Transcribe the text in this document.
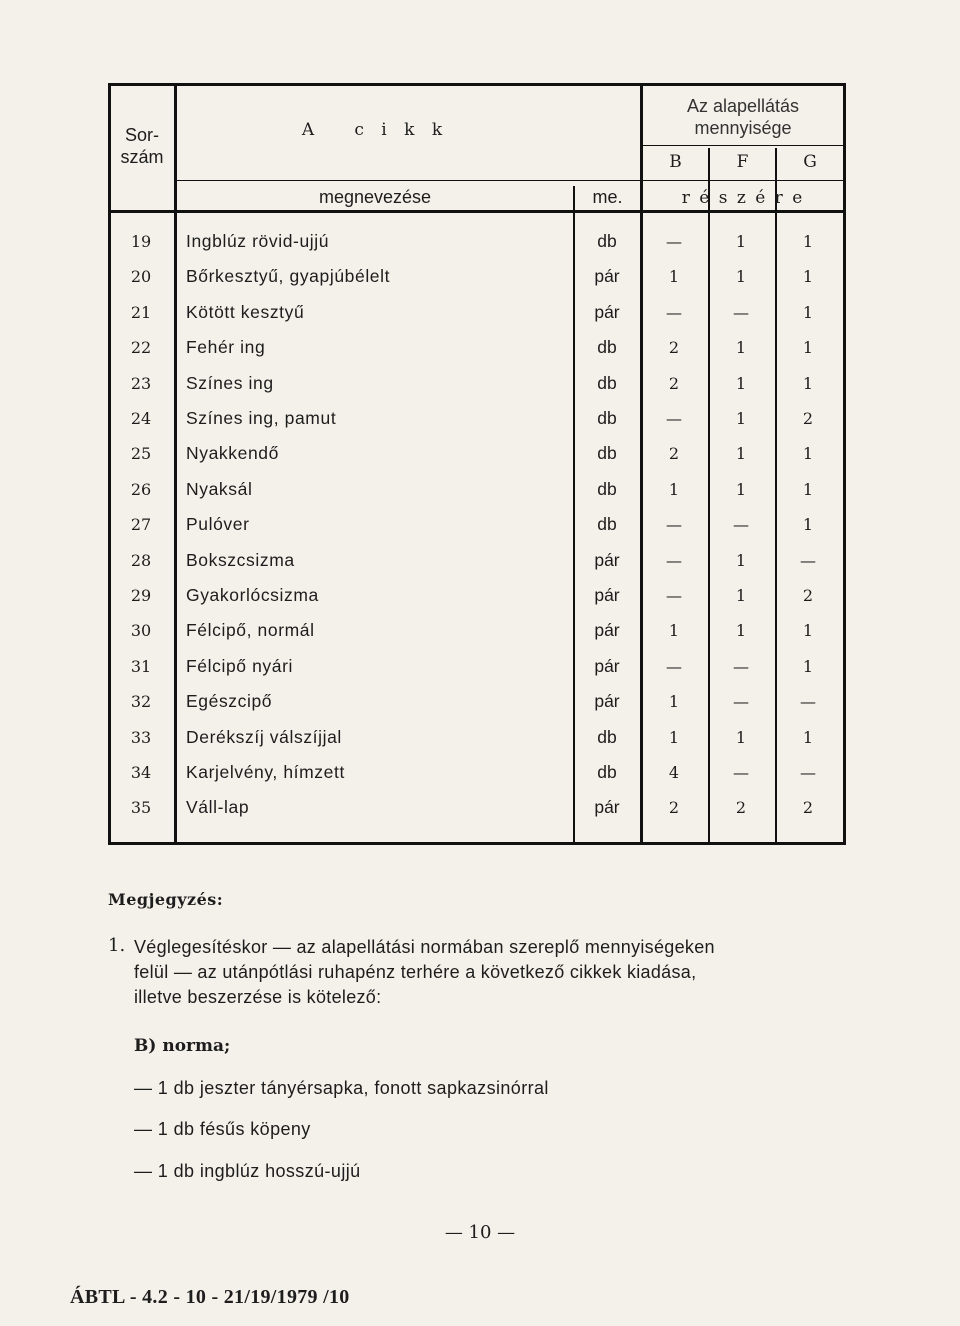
Sor-
szám
A   c i k k
Az alapellátás
mennyisége
B	F	G
megnevezése	me.	r é s z é r e
19	Ingblúz rövid-ujjú	db	—	1	1
20	Bőrkesztyű, gyapjúbélelt	pár	1	1	1
21	Kötött kesztyű	pár	—	—	1
22	Fehér ing	db	2	1	1
23	Színes ing	db	2	1	1
24	Színes ing, pamut	db	—	1	2
25	Nyakkendő	db	2	1	1
26	Nyaksál	db	1	1	1
27	Pulóver	db	—	—	1
28	Bokszcsizma	pár	—	1	—
29	Gyakorlócsizma	pár	—	1	2
30	Félcipő, normál	pár	1	1	1
31	Félcipő nyári	pár	—	—	1
32	Egészcipő	pár	1	—	—
33	Derékszíj válszíjjal	db	1	1	1
34	Karjelvény, hímzett	db	4	—	—
35	Váll-lap	pár	2	2	2
Megjegyzés:
1. Véglegesítéskor — az alapellátási normában szereplő mennyiségeken
felül — az utánpótlási ruhapénz terhére a következő cikkek kiadása,
illetve beszerzése is kötelező:
B) norma;
— 1 db jeszter tányérsapka, fonott sapkazsinórral
— 1 db fésűs köpeny
— 1 db ingblúz hosszú-ujjú
— 10 —
ÁBTL - 4.2 - 10 - 21/19/1979 /10
